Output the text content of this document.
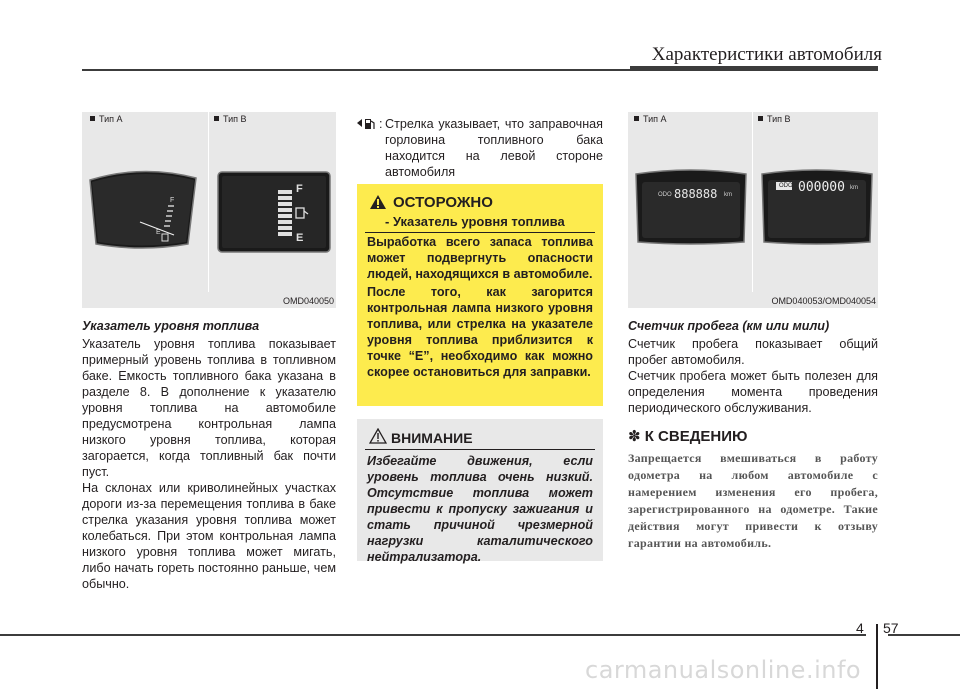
Характеристики автомобиля
Тип A	Тип B
F
E
F
E
OMD040050

Указатель уровня топлива

Указатель уровня топлива показывает примерный уровень топлива в топливном баке. Емкость топливного бака указана в разделе 8. В дополнение к указателю уровня топлива на автомобиле предусмотрена контрольная лампа низкого уровня топлива, которая загорается, когда топливный бак почти пуст.

На склонах или криволинейных участках дороги из-за перемещения топлива в баке стрелка указания уровня топлива может колебаться. При этом контрольная лампа низкого уровня топлива может мигать, либо начать гореть постоянно раньше, чем обычно.

: Стрелка указывает, что заправочная горловина топливного бака находится на левой стороне автомобиля
ОСТОРОЖНО
- Указатель уровня топлива

Выработка всего запаса топлива может подвергнуть опасности людей, находящихся в автомобиле.

После того, как загорится контрольная лампа низкого уровня топлива, или стрелка на указателе уровня топлива приблизится к точке “E”, необходимо как можно скорее остановиться для заправки.

ВНИМАНИЕ
Избегайте движения, если уровень топлива очень низкий. Отсутствие топлива может привести к пропуску зажигания и стать причиной чрезмерной нагрузки каталитического нейтрализатора.
Тип A	Тип B
ODO 888888 km
ODO 000000 km
OMD040053/OMD040054

Счетчик пробега (км или мили)

Счетчик пробега показывает общий пробег автомобиля.

Счетчик пробега может быть полезен для определения момента проведения периодического обслуживания.

✽ К СВЕДЕНИЮ
Запрещается вмешиваться в работу одометра на любом автомобиле с намерением изменения его пробега, зарегистрированного на одометре. Такие действия могут привести к отзыву гарантии на автомобиль.
4 57
carmanualsonline.info
